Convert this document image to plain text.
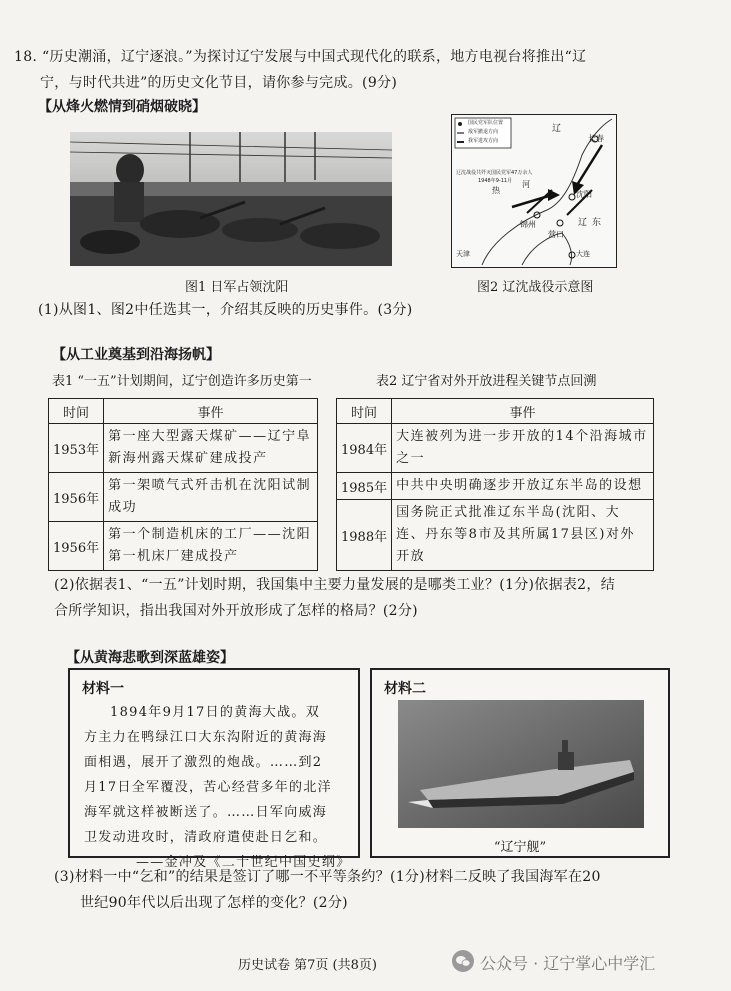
18. “历史潮涌，辽宁逐浪。”为探讨辽宁发展与中国式现代化的联系，地方电视台将推出“辽
宁，与时代共进”的历史文化节目，请你参与完成。(9分)
【从烽火燃情到硝烟破晓】
国民党军队位置
敌军撤退方向
我军进攻方向
辽沈战役共歼灭国民党军47万余人
1948年9-11月
辽
长春
热
河
锦州
沈阳
营口
辽 东
大连
天津
图1 日军占领沈阳	图2 辽沈战役示意图
(1)从图1、图2中任选其一，介绍其反映的历史事件。(3分)
【从工业奠基到沿海扬帆】
表1 “一五”计划期间，辽宁创造许多历史第一	表2 辽宁省对外开放进程关键节点回溯
时间	事件
1953年	第一座大型露天煤矿——辽宁阜新海州露天煤矿建成投产
1956年	第一架喷气式歼击机在沈阳试制成功
1956年	第一个制造机床的工厂——沈阳第一机床厂建成投产
时间	事件
1984年	大连被列为进一步开放的14个沿海城市之一
1985年	中共中央明确逐步开放辽东半岛的设想
1988年	国务院正式批准辽东半岛(沈阳、大连、丹东等8市及其所属17县区)对外开放
(2)依据表1、“一五”计划时期，我国集中主要力量发展的是哪类工业？(1分)依据表2，结
合所学知识，指出我国对外开放形成了怎样的格局？(2分)
【从黄海悲歌到深蓝雄姿】
材料一
1894年9月17日的黄海大战。双
方主力在鸭绿江口大东沟附近的黄海海
面相遇，展开了激烈的炮战。……到2
月17日全军覆没，苦心经营多年的北洋
海军就这样被断送了。……日军向威海
卫发动进攻时，清政府遣使赴日乞和。
——金冲及《二十世纪中国史纲》
材料二
“辽宁舰”
(3)材料一中“乞和”的结果是签订了哪一不平等条约？(1分)材料二反映了我国海军在20
世纪90年代以后出现了怎样的变化？(2分)
历史试卷 第7页 (共8页)	公众号 · 辽宁掌心中学汇
